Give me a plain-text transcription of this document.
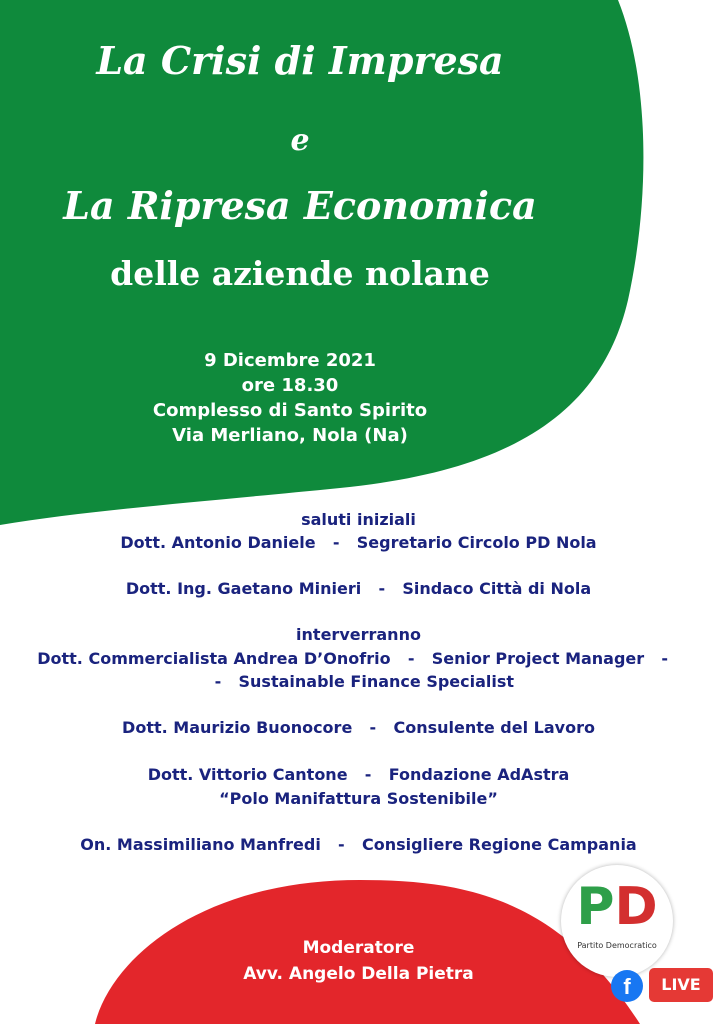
La Crisi di Impresa
e
La Ripresa Economica
delle aziende nolane
9 Dicembre 2021
ore 18.30
Complesso di Santo Spirito
Via Merliano, Nola (Na)
saluti iniziali
Dott. Antonio Daniele - Segretario Circolo PD Nola
Dott. Ing. Gaetano Minieri - Sindaco Città di Nola
interverranno
Dott. Commercialista Andrea D’Onofrio - Senior Project Manager -
- Sustainable Finance Specialist
Dott. Maurizio Buonocore - Consulente del Lavoro
Dott. Vittorio Cantone - Fondazione AdAstra
“Polo Manifattura Sostenibile”
On. Massimiliano Manfredi - Consigliere Regione Campania
Moderatore
Avv. Angelo Della Pietra
PD
Partito Democratico
f	LIVE
